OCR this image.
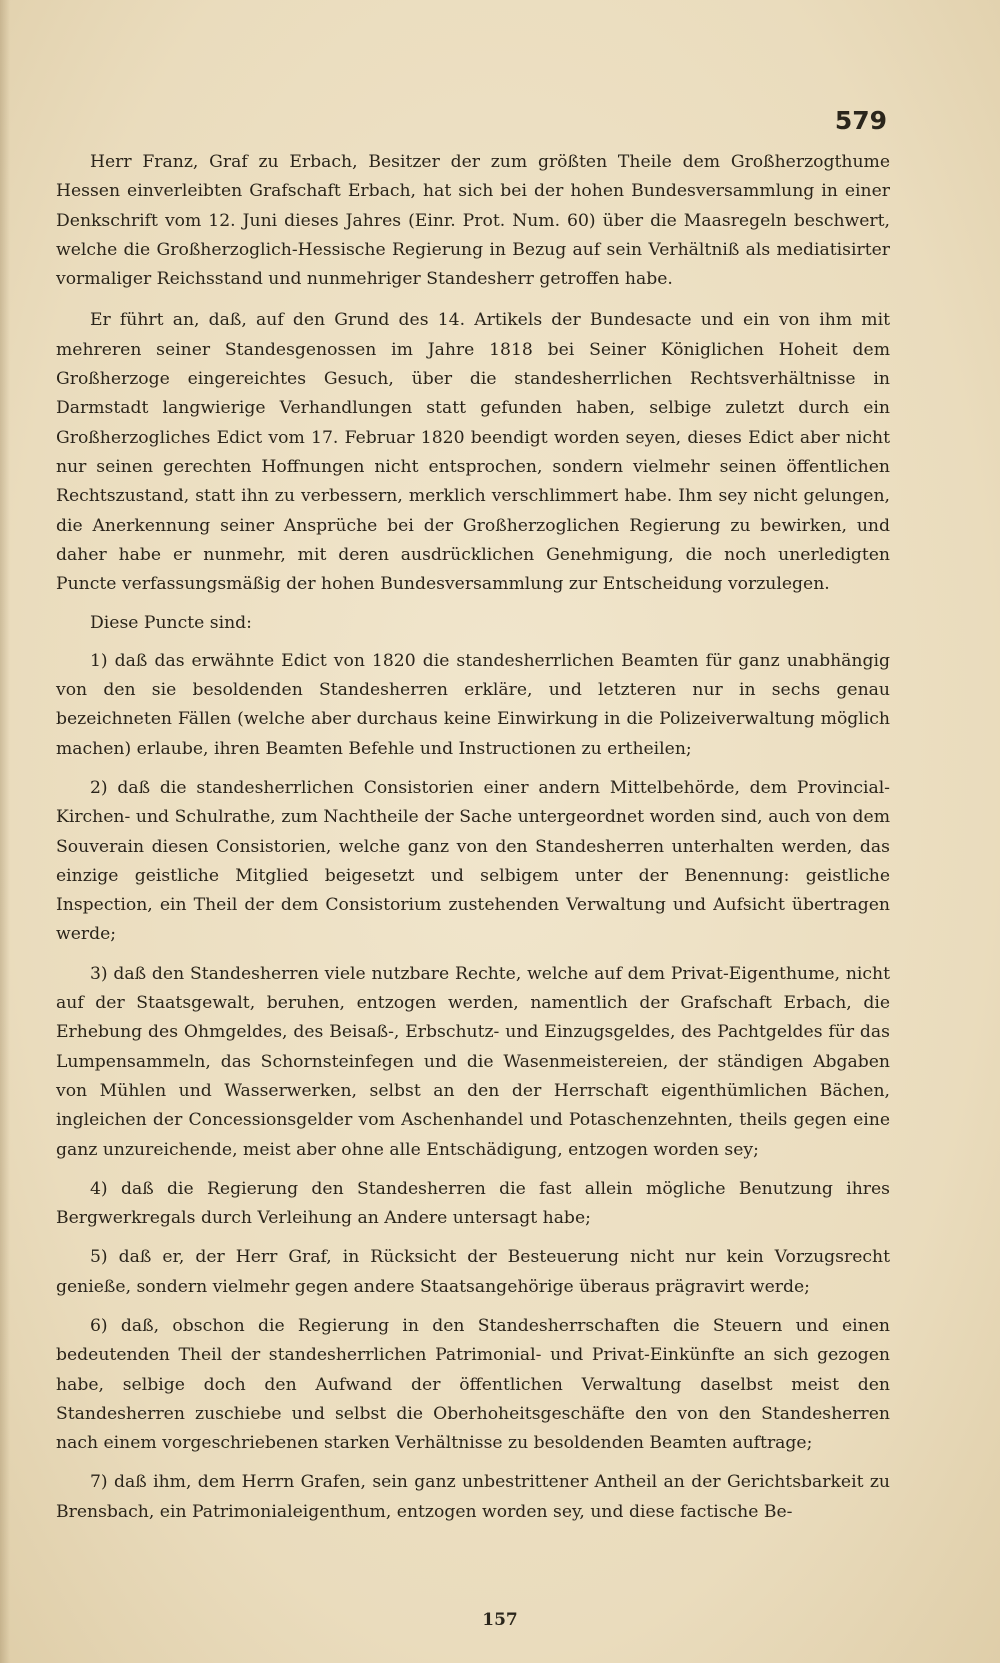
579

Herr Franz, Graf zu Erbach, Besitzer der zum größten Theile dem Großherzogthume Hessen einverleibten Grafschaft Erbach, hat sich bei der hohen Bundesversammlung in einer Denkschrift vom 12. Juni dieses Jahres (Einr. Prot. Num. 60) über die Maasregeln beschwert, welche die Großherzoglich-Hessische Regierung in Bezug auf sein Verhältniß als mediatisirter vormaliger Reichsstand und nunmehriger Standesherr getroffen habe.

Er führt an, daß, auf den Grund des 14. Artikels der Bundesacte und ein von ihm mit mehreren seiner Standesgenossen im Jahre 1818 bei Seiner Königlichen Hoheit dem Großherzoge eingereichtes Gesuch, über die standesherrlichen Rechtsverhältnisse in Darmstadt langwierige Verhandlungen statt gefunden haben, selbige zuletzt durch ein Großherzogliches Edict vom 17. Februar 1820 beendigt worden seyen, dieses Edict aber nicht nur seinen gerechten Hoffnungen nicht entsprochen, sondern vielmehr seinen öffentlichen Rechtszustand, statt ihn zu verbessern, merklich verschlimmert habe. Ihm sey nicht gelungen, die Anerkennung seiner Ansprüche bei der Großherzoglichen Regierung zu bewirken, und daher habe er nunmehr, mit deren ausdrücklichen Genehmigung, die noch unerledigten Puncte verfassungsmäßig der hohen Bundesversammlung zur Entscheidung vorzulegen.

Diese Puncte sind:

1) daß das erwähnte Edict von 1820 die standesherrlichen Beamten für ganz unabhängig von den sie besoldenden Standesherren erkläre, und letzteren nur in sechs genau bezeichneten Fällen (welche aber durchaus keine Einwirkung in die Polizeiverwaltung möglich machen) erlaube, ihren Beamten Befehle und Instructionen zu ertheilen;

2) daß die standesherrlichen Consistorien einer andern Mittelbehörde, dem Provincial-Kirchen- und Schulrathe, zum Nachtheile der Sache untergeordnet worden sind, auch von dem Souverain diesen Consistorien, welche ganz von den Standesherren unterhalten werden, das einzige geistliche Mitglied beigesetzt und selbigem unter der Benennung: geistliche Inspection, ein Theil der dem Consistorium zustehenden Verwaltung und Aufsicht übertragen werde;

3) daß den Standesherren viele nutzbare Rechte, welche auf dem Privat-Eigenthume, nicht auf der Staatsgewalt, beruhen, entzogen werden, namentlich der Grafschaft Erbach, die Erhebung des Ohmgeldes, des Beisaß-, Erbschutz- und Einzugsgeldes, des Pachtgeldes für das Lumpensammeln, das Schornsteinfegen und die Wasenmeistereien, der ständigen Abgaben von Mühlen und Wasserwerken, selbst an den der Herrschaft eigenthümlichen Bächen, ingleichen der Concessionsgelder vom Aschenhandel und Potaschenzehnten, theils gegen eine ganz unzureichende, meist aber ohne alle Entschädigung, entzogen worden sey;

4) daß die Regierung den Standesherren die fast allein mögliche Benutzung ihres Bergwerkregals durch Verleihung an Andere untersagt habe;

5) daß er, der Herr Graf, in Rücksicht der Besteuerung nicht nur kein Vorzugsrecht genieße, sondern vielmehr gegen andere Staatsangehörige überaus prägravirt werde;

6) daß, obschon die Regierung in den Standesherrschaften die Steuern und einen bedeutenden Theil der standesherrlichen Patrimonial- und Privat-Einkünfte an sich gezogen habe, selbige doch den Aufwand der öffentlichen Verwaltung daselbst meist den Standesherren zuschiebe und selbst die Oberhoheitsgeschäfte den von den Standesherren nach einem vorgeschriebenen starken Verhältnisse zu besoldenden Beamten auftrage;

7) daß ihm, dem Herrn Grafen, sein ganz unbestrittener Antheil an der Gerichtsbarkeit zu Brensbach, ein Patrimonialeigenthum, entzogen worden sey, und diese factische Be-

157
